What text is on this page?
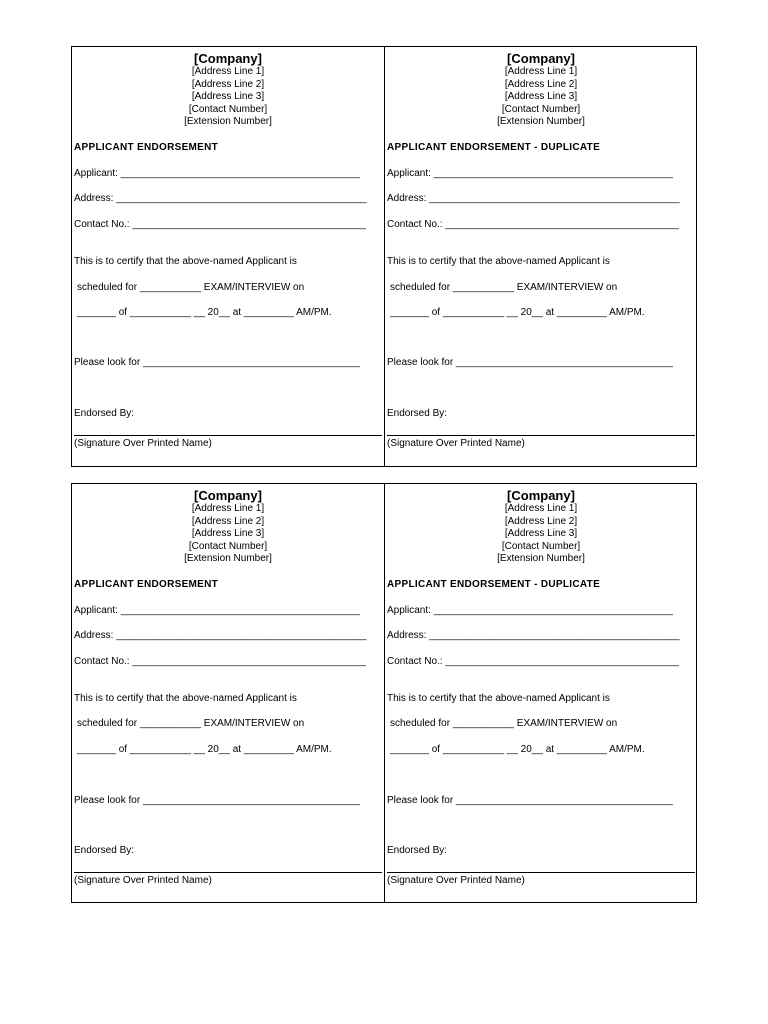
[Company]
[Address Line 1]
[Address Line 2]
[Address Line 3]
[Contact Number]
[Extension Number]
APPLICANT ENDORSEMENT
Applicant: ___________________________________________
Address: _____________________________________________
Contact No.: __________________________________________
This is to certify that the above-named Applicant is
scheduled for ___________ EXAM/INTERVIEW on
_______ of ___________ __ 20__ at _________ AM/PM.
Please look for _______________________________________
Endorsed By:
(Signature Over Printed Name)
[Company]
[Address Line 1]
[Address Line 2]
[Address Line 3]
[Contact Number]
[Extension Number]
APPLICANT ENDORSEMENT - DUPLICATE
Applicant: ___________________________________________
Address: _____________________________________________
Contact No.: __________________________________________
This is to certify that the above-named Applicant is
scheduled for ___________ EXAM/INTERVIEW on
_______ of ___________ __ 20__ at _________ AM/PM.
Please look for _______________________________________
Endorsed By:
(Signature Over Printed Name)
[Company]
[Address Line 1]
[Address Line 2]
[Address Line 3]
[Contact Number]
[Extension Number]
APPLICANT ENDORSEMENT
Applicant: ___________________________________________
Address: _____________________________________________
Contact No.: __________________________________________
This is to certify that the above-named Applicant is
scheduled for ___________ EXAM/INTERVIEW on
_______ of ___________ __ 20__ at _________ AM/PM.
Please look for _______________________________________
Endorsed By:
(Signature Over Printed Name)
[Company]
[Address Line 1]
[Address Line 2]
[Address Line 3]
[Contact Number]
[Extension Number]
APPLICANT ENDORSEMENT - DUPLICATE
Applicant: ___________________________________________
Address: _____________________________________________
Contact No.: __________________________________________
This is to certify that the above-named Applicant is
scheduled for ___________ EXAM/INTERVIEW on
_______ of ___________ __ 20__ at _________ AM/PM.
Please look for _______________________________________
Endorsed By:
(Signature Over Printed Name)
